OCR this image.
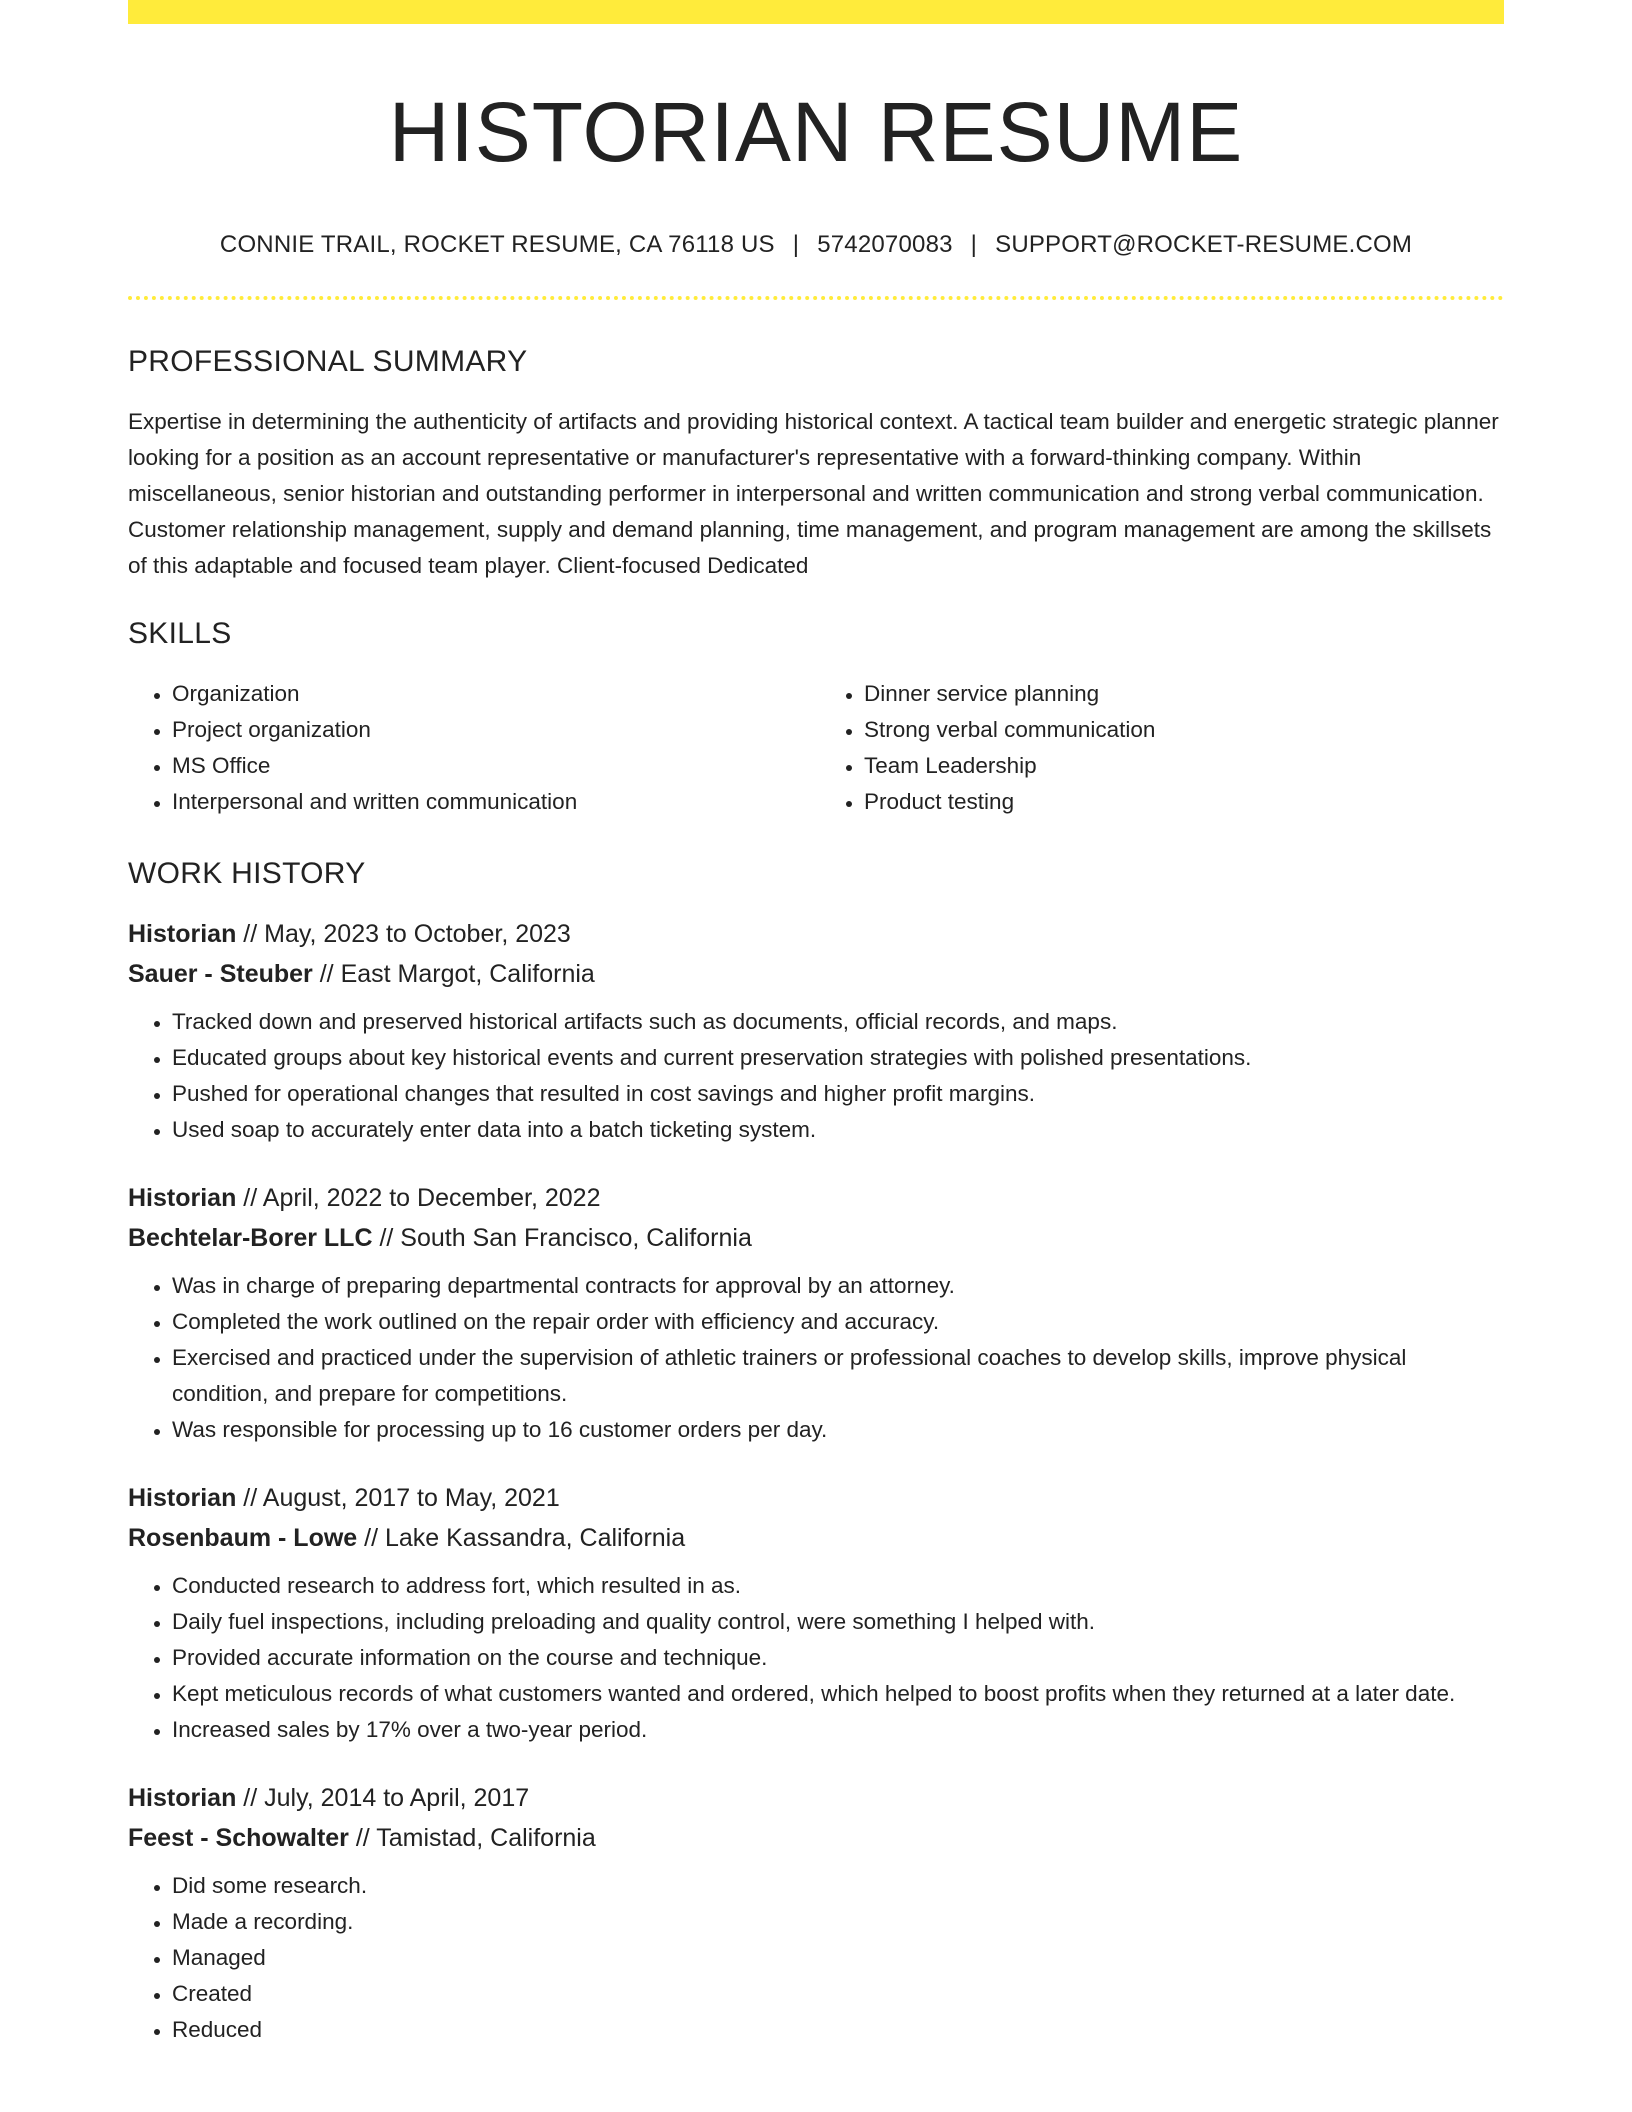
HISTORIAN RESUME
CONNIE TRAIL, ROCKET RESUME, CA 76118 US | 5742070083 | SUPPORT@ROCKET-RESUME.COM
PROFESSIONAL SUMMARY
Expertise in determining the authenticity of artifacts and providing historical context. A tactical team builder and energetic strategic planner looking for a position as an account representative or manufacturer's representative with a forward-thinking company. Within miscellaneous, senior historian and outstanding performer in interpersonal and written communication and strong verbal communication. Customer relationship management, supply and demand planning, time management, and program management are among the skillsets of this adaptable and focused team player. Client-focused Dedicated
SKILLS
• Organization
• Project organization
• MS Office
• Interpersonal and written communication
• Dinner service planning
• Strong verbal communication
• Team Leadership
• Product testing
WORK HISTORY
Historian // May, 2023 to October, 2023
Sauer - Steuber // East Margot, California
• Tracked down and preserved historical artifacts such as documents, official records, and maps.
• Educated groups about key historical events and current preservation strategies with polished presentations.
• Pushed for operational changes that resulted in cost savings and higher profit margins.
• Used soap to accurately enter data into a batch ticketing system.
Historian // April, 2022 to December, 2022
Bechtelar-Borer LLC // South San Francisco, California
• Was in charge of preparing departmental contracts for approval by an attorney.
• Completed the work outlined on the repair order with efficiency and accuracy.
• Exercised and practiced under the supervision of athletic trainers or professional coaches to develop skills, improve physical condition, and prepare for competitions.
• Was responsible for processing up to 16 customer orders per day.
Historian // August, 2017 to May, 2021
Rosenbaum - Lowe // Lake Kassandra, California
• Conducted research to address fort, which resulted in as.
• Daily fuel inspections, including preloading and quality control, were something I helped with.
• Provided accurate information on the course and technique.
• Kept meticulous records of what customers wanted and ordered, which helped to boost profits when they returned at a later date.
• Increased sales by 17% over a two-year period.
Historian // July, 2014 to April, 2017
Feest - Schowalter // Tamistad, California
• Did some research.
• Made a recording.
• Managed
• Created
• Reduced
